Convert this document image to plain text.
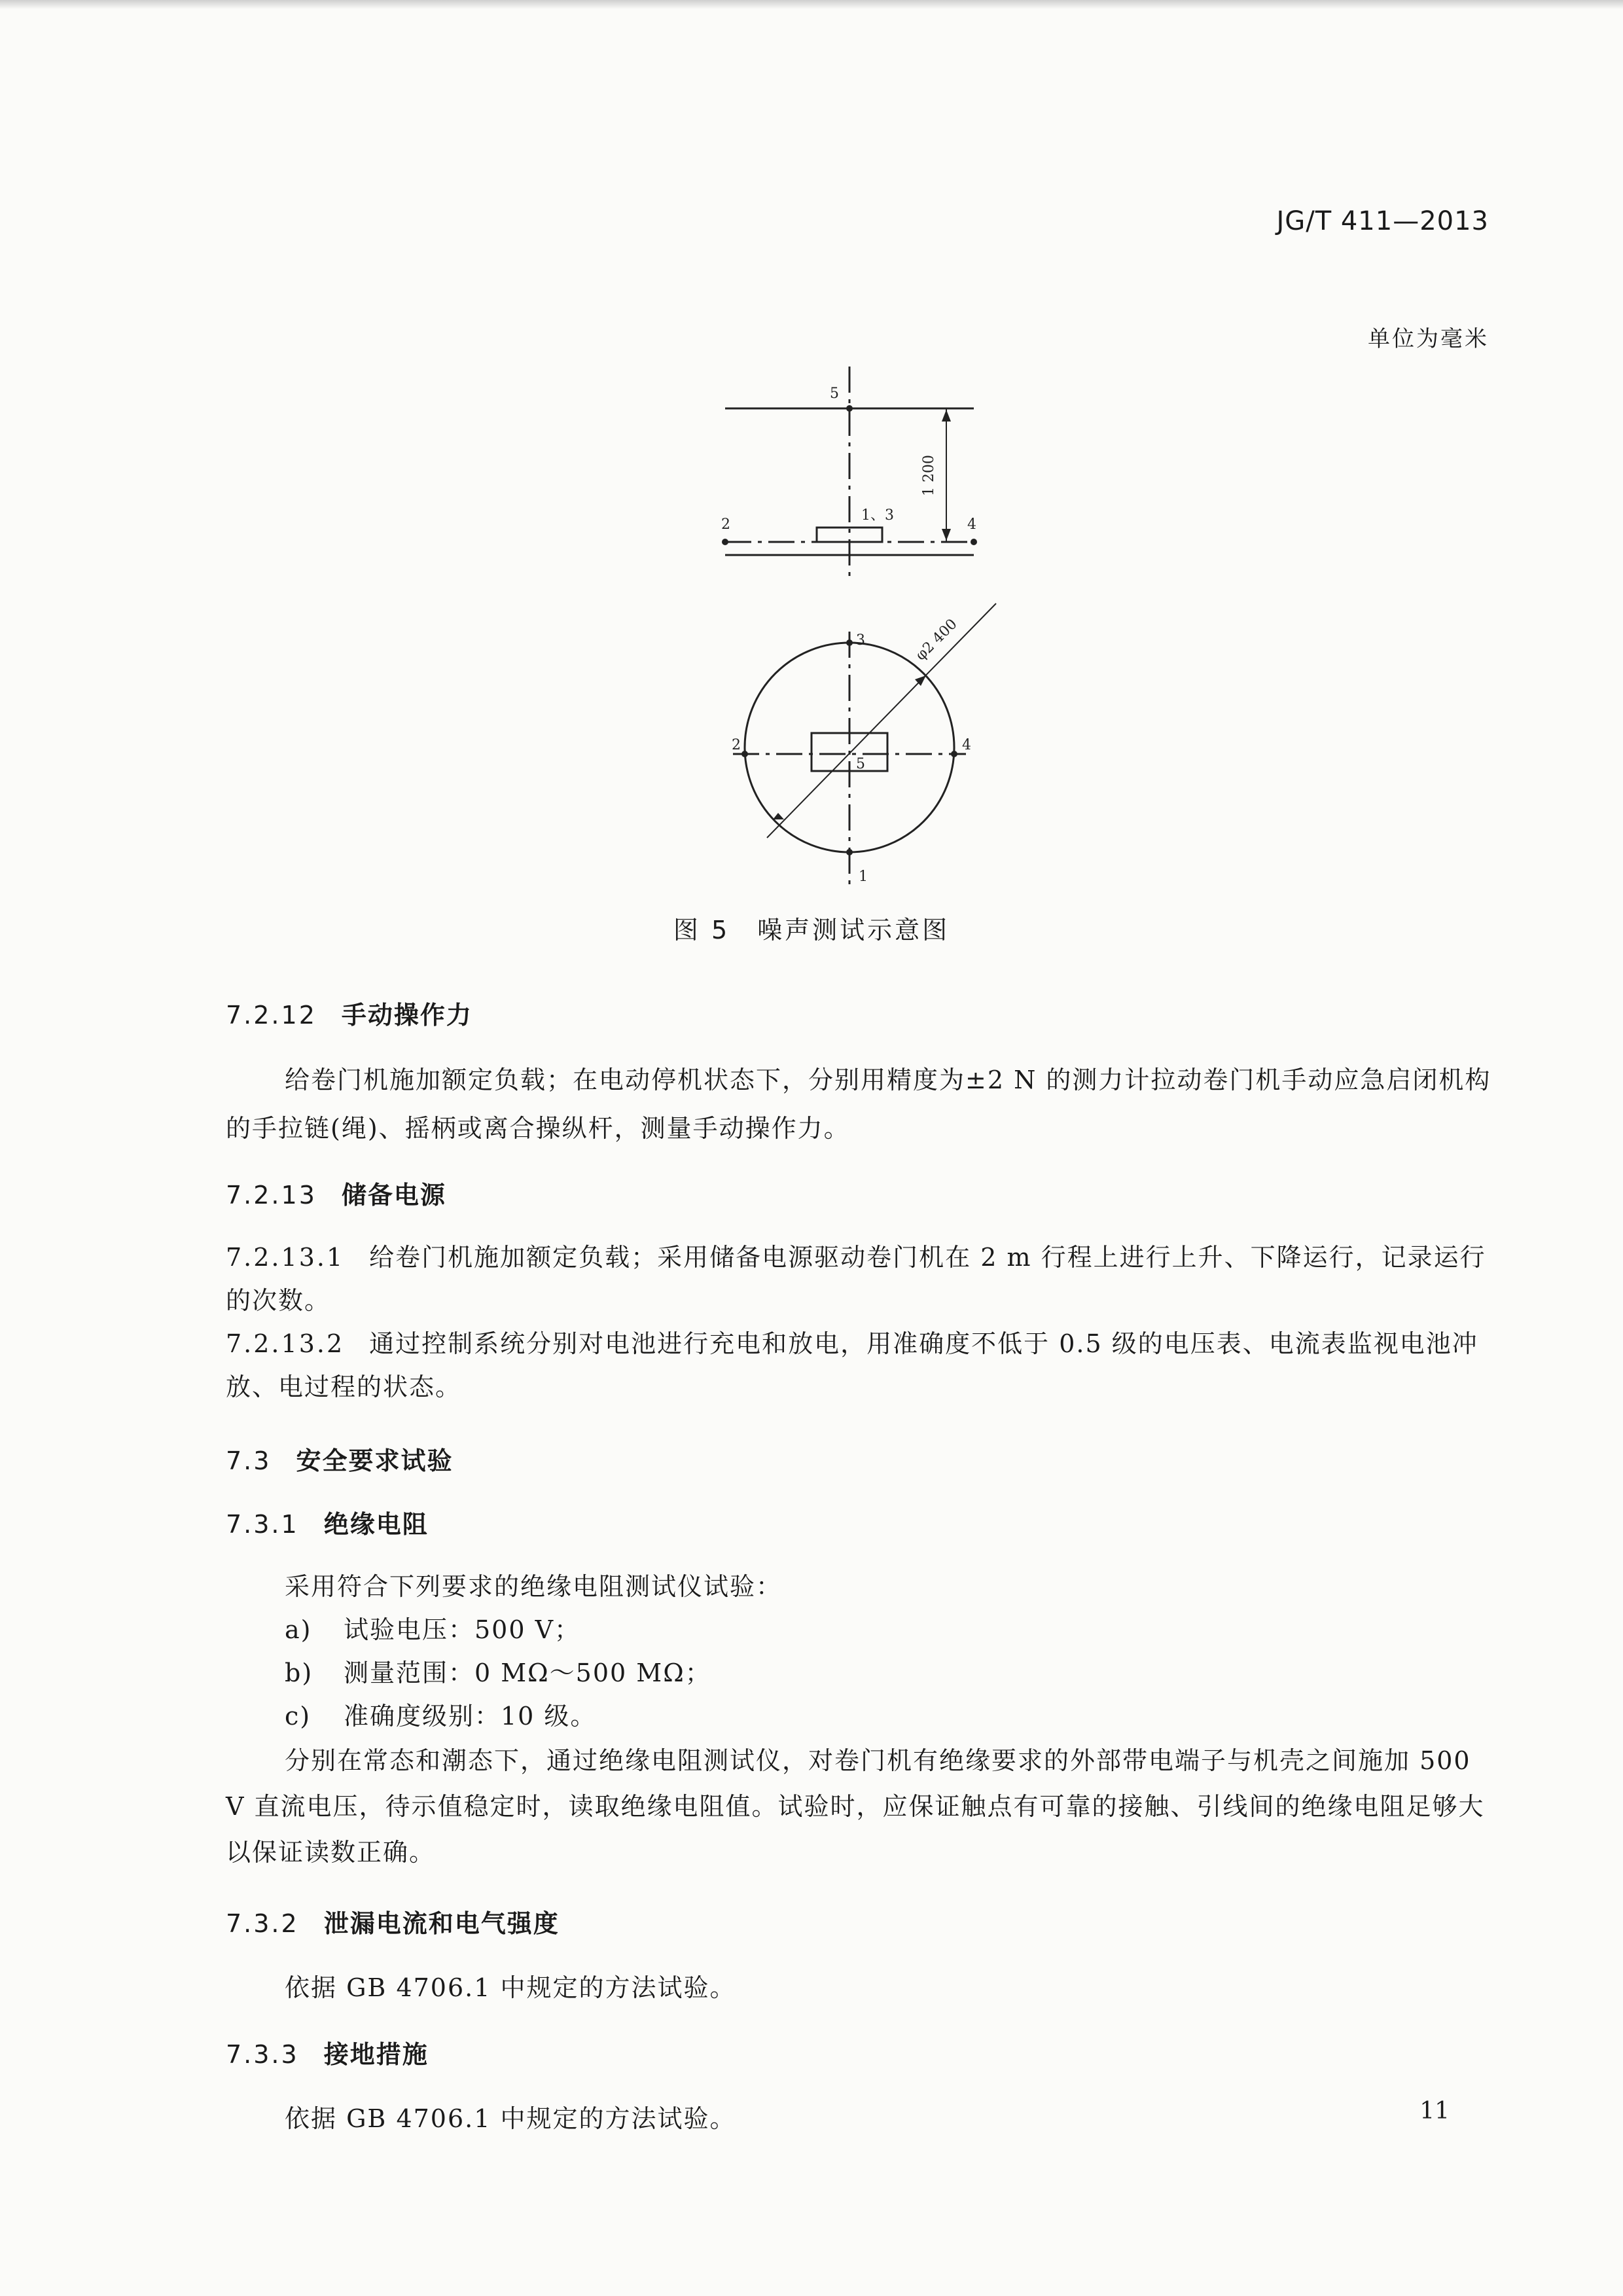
JG/T 411—2013
单位为毫米
5
1、3
2	4
1 200
3
2	4
5
1
φ2 400
图 5　噪声测试示意图
7.2.12 手动操作力
给卷门机施加额定负载；在电动停机状态下，分别用精度为±2 N 的测力计拉动卷门机手动应急启闭机构的手拉链(绳)、摇柄或离合操纵杆，测量手动操作力。
7.2.13 储备电源
7.2.13.1 给卷门机施加额定负载；采用储备电源驱动卷门机在 2 m 行程上进行上升、下降运行，记录运行的次数。
7.2.13.2 通过控制系统分别对电池进行充电和放电，用准确度不低于 0.5 级的电压表、电流表监视电池冲放、电过程的状态。
7.3 安全要求试验
7.3.1 绝缘电阻
采用符合下列要求的绝缘电阻测试仪试验：
a) 试验电压：500 V；
b) 测量范围：0 MΩ～500 MΩ；
c) 准确度级别：10 级。
分别在常态和潮态下，通过绝缘电阻测试仪，对卷门机有绝缘要求的外部带电端子与机壳之间施加 500 V 直流电压，待示值稳定时，读取绝缘电阻值。试验时，应保证触点有可靠的接触、引线间的绝缘电阻足够大以保证读数正确。
7.3.2 泄漏电流和电气强度
依据 GB 4706.1 中规定的方法试验。
7.3.3 接地措施
依据 GB 4706.1 中规定的方法试验。	11
